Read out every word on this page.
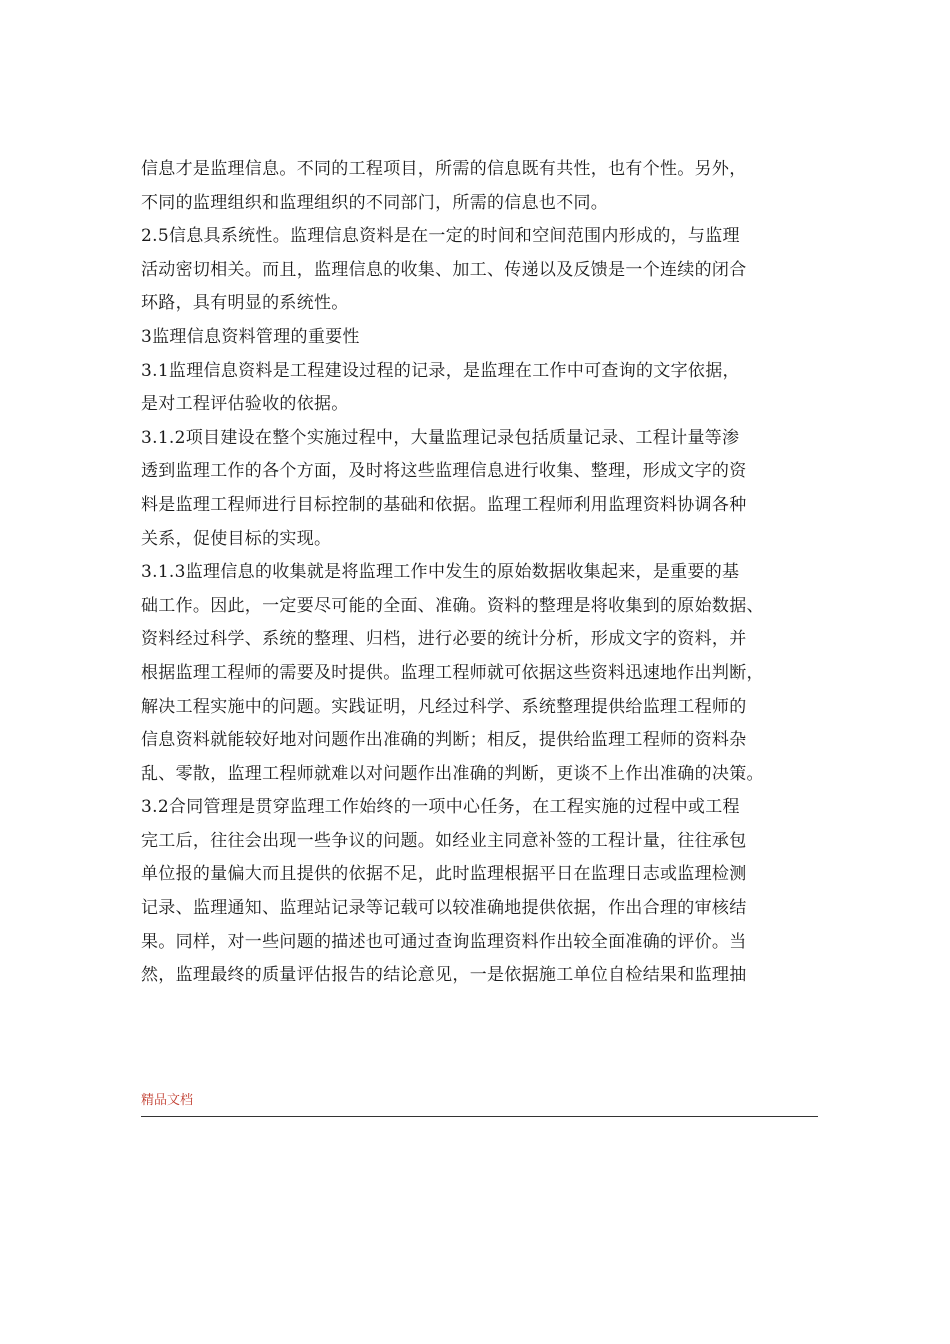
信息才是监理信息。不同的工程项目，所需的信息既有共性，也有个性。另外，
不同的监理组织和监理组织的不同部门，所需的信息也不同。
2.5信息具系统性。监理信息资料是在一定的时间和空间范围内形成的，与监理
活动密切相关。而且，监理信息的收集、加工、传递以及反馈是一个连续的闭合
环路，具有明显的系统性。
3监理信息资料管理的重要性
3.1监理信息资料是工程建设过程的记录，是监理在工作中可查询的文字依据，
是对工程评估验收的依据。
3.1.2项目建设在整个实施过程中，大量监理记录包括质量记录、工程计量等渗
透到监理工作的各个方面，及时将这些监理信息进行收集、整理，形成文字的资
料是监理工程师进行目标控制的基础和依据。监理工程师利用监理资料协调各种
关系，促使目标的实现。
3.1.3监理信息的收集就是将监理工作中发生的原始数据收集起来，是重要的基
础工作。因此，一定要尽可能的全面、准确。资料的整理是将收集到的原始数据、
资料经过科学、系统的整理、归档，进行必要的统计分析，形成文字的资料，并
根据监理工程师的需要及时提供。监理工程师就可依据这些资料迅速地作出判断，
解决工程实施中的问题。实践证明，凡经过科学、系统整理提供给监理工程师的
信息资料就能较好地对问题作出准确的判断；相反，提供给监理工程师的资料杂
乱、零散，监理工程师就难以对问题作出准确的判断，更谈不上作出准确的决策。
3.2合同管理是贯穿监理工作始终的一项中心任务，在工程实施的过程中或工程
完工后，往往会出现一些争议的问题。如经业主同意补签的工程计量，往往承包
单位报的量偏大而且提供的依据不足，此时监理根据平日在监理日志或监理检测
记录、监理通知、监理站记录等记载可以较准确地提供依据，作出合理的审核结
果。同样，对一些问题的描述也可通过查询监理资料作出较全面准确的评价。当
然，监理最终的质量评估报告的结论意见，一是依据施工单位自检结果和监理抽
精品文档
